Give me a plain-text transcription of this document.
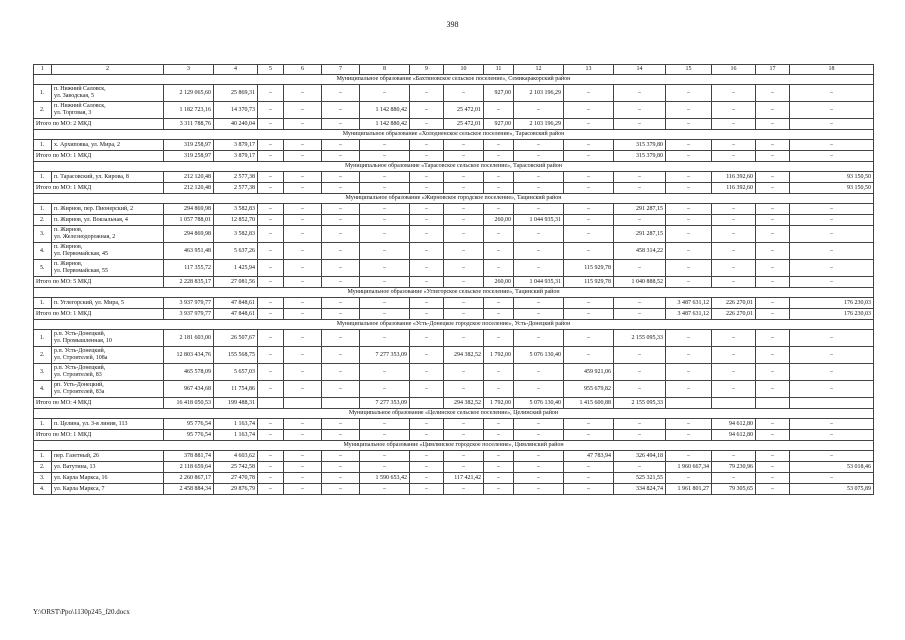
398
1	2	3	4	5	6	7	8	9	10	11	12	13	14	15	16	17	18
Муниципальное образование «Бахтиновское сельское поселение», Семикаракорский район																	
1.	п. Нижний Саловск,
ул. Заводская, 5	2 129 065,60	25 869,31	–	–	–	–	–	–	927,00	2 103 196,29	–	–	–	–	–	–
2.	п. Нижний Саловск,
ул. Торговая, 3	1 182 723,16	14 370,73	–	–	–	1 142 880,42	–	25 472,01	–	–	–	–	–	–	–	–
Итого по МО: 2 МКД		3 311 788,76	40 240,04	–	–	–	1 142 880,42	–	25 472,01	927,00	2 103 196,29	–	–	–	–	–	–
Муниципальное образование «Холодненское сельское поселение», Тарасовский район																	
1.	х. Архиповка, ул. Мира, 2	319 258,97	3 879,17	–	–	–	–	–	–	–	–	–	315 379,80	–	–	–	–
Итого по МО: 1 МКД		319 258,97	3 879,17	–	–	–	–	–	–	–	–	–	315 379,80	–	–	–	–
Муниципальное образование «Тарасовское сельское поселение», Тарасовский район																	
1.	п. Тарасовский, ул. Кирова, 8	212 120,48	2 577,38	–	–	–	–	–	–	–	–	–	–	–	116 392,60	–	93 150,50
Итого по МО: 1 МКД		212 120,48	2 577,38	–	–	–	–	–	–	–	–	–	–	–	116 392,60	–	93 150,50
Муниципальное образование «Жирновское городское поселение», Тацинский район																	
1.	п. Жирнов, пер. Пионерский, 2	294 869,98	3 582,83	–	–	–	–	–	–	–	–	–	291 287,15	–	–	–	–
2.	п. Жирнов, ул. Вокзальная, 4	1 057 788,01	12 852,70	–	–	–	–	–	–	260,00	1 044 935,31	–	–	–	–	–	–
3.	п. Жирнов,
ул. Железнодорожная, 2	294 869,98	3 582,83	–	–	–	–	–	–	–	–	–	291 287,15	–	–	–	–
4.	п. Жирнов,
ул. Первомайская, 45	463 951,48	5 637,26	–	–	–	–	–	–	–	–	–	458 314,22	–	–	–	–
5.	п. Жирнов,
ул. Первомайская, 55	117 355,72	1 425,94	–	–	–	–	–	–	–	–	115 929,78	–	–	–	–	–
Итого по МО: 5 МКД		2 228 835,17	27 081,56	–	–	–	–	–	–	260,00	1 044 935,31	115 929,78	1 040 888,52	–	–	–	–
Муниципальное образование «Углегорское сельское поселение», Тацинский район																	
1.	п. Углегорский, ул. Мира, 5	3 937 979,77	47 848,61	–	–	–	–	–	–	–	–	–	–	3 487 631,12	226 270,01	–	176 230,03
Итого по МО: 1 МКД		3 937 979,77	47 848,61	–	–	–	–	–	–	–	–	–	–	3 487 631,12	226 270,01	–	176 230,03
Муниципальное образование «Усть-Донецкое городское поселение», Усть-Донецкий район																	
1.	р.п. Усть-Донецкий,
ул. Промышленная, 10	2 181 603,00	26 507,67	–	–	–	–	–	–	–	–	–	2 155 095,33	–	–	–	–
2.	р.п. Усть-Донецкий,
ул. Строителей, 108а	12 803 434,76	155 568,75	–	–	–	7 277 353,09	–	294 382,52	1 792,00	5 076 130,40	–	–	–	–	–	–
3.	р.п. Усть-Донецкий,
ул. Строителей, 83	465 578,09	5 657,03	–	–	–	–	–	–	–	–	459 921,06	–	–	–	–	–
4.	рп. Усть-Донецкий,
ул. Строителей, 83а	967 434,68	11 754,86	–	–	–	–	–	–	–	–	955 679,82	–	–	–	–	–
Итого по МО: 4 МКД		16 418 050,53	199 488,31				7 277 353,09		294 382,52	1 792,00	5 076 130,40	1 415 600,88	2 155 095,33				
Муниципальное образование «Целинское сельское поселение», Целинский район																	
1.	п. Целина, ул. 3-я линия, 113	95 776,54	1 163,74	–	–	–	–	–	–	–	–	–	–	–	94 612,80	–	–
Итого по МО: 1 МКД		95 776,54	1 163,74	–	–	–	–	–	–	–	–	–	–	–	94 612,80	–	–
Муниципальное образование «Цимлянское городское поселение», Цимлянский район																	
1.	пер. Газетный, 26	378 881,74	4 603,62	–	–	–	–	–	–	–	–	47 783,94	326 494,18	–	–	–	–
2.	ул. Ватутина, 13	2 118 659,64	25 742,58	–	–	–	–	–	–	–	–	–	–	1 960 667,34	79 230,96	–	53 018,46
3.	ул. Карла Маркса, 16	2 260 867,17	27 470,78	–	–	–	1 590 653,42	–	117 421,42	–	–	–	525 321,55	–	–	–	–
4.	ул. Карла Маркса, 7	2 458 884,34	29 876,79	–	–	–	–	–	–	–	–	–	334 824,74	1 961 801,27	79 305,65	–	53 075,89
Y:\ORST\Ppo\1130p245_f20.docx
